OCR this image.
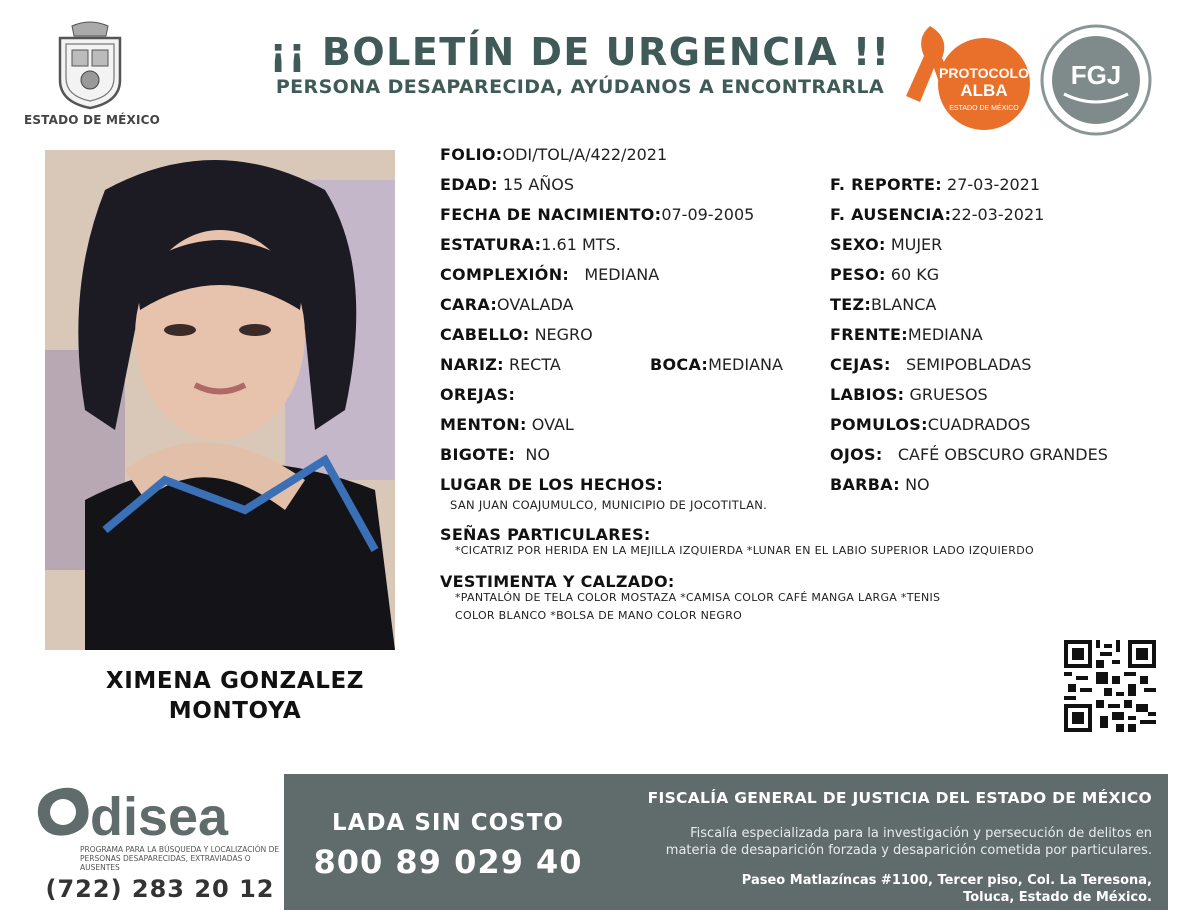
ESTADO DE MÉXICO
¡¡ BOLETÍN DE URGENCIA !!
PERSONA DESAPARECIDA, AYÚDANOS A ENCONTRARLA
PROTOCOLO
ALBA
ESTADO DE MÉXICO
FGJ
XIMENA GONZALEZ
MONTOYA
FOLIO:ODI/TOL/A/422/2021
EDAD: 15 AÑOS	F. REPORTE: 27-03-2021
FECHA DE NACIMIENTO:07-09-2005	F. AUSENCIA:22-03-2021
ESTATURA:1.61 MTS.	SEXO: MUJER
COMPLEXIÓN: MEDIANA	PESO: 60 KG
CARA:OVALADA	TEZ:BLANCA
CABELLO: NEGRO	FRENTE:MEDIANA
NARIZ: RECTA	BOCA:MEDIANA	CEJAS: SEMIPOBLADAS
OREJAS:	LABIOS: GRUESOS
MENTON: OVAL	POMULOS:CUADRADOS
BIGOTE: NO	OJOS: CAFÉ OBSCURO GRANDES
LUGAR DE LOS HECHOS:
SAN JUAN COAJUMULCO, MUNICIPIO DE JOCOTITLAN.
BARBA: NO
SEÑAS PARTICULARES:
*CICATRIZ POR HERIDA EN LA MEJILLA IZQUIERDA *LUNAR EN EL LABIO SUPERIOR LADO IZQUIERDO
VESTIMENTA Y CALZADO:
*PANTALÓN DE TELA COLOR MOSTAZA *CAMISA COLOR CAFÉ MANGA LARGA *TENIS
COLOR BLANCO *BOLSA DE MANO COLOR NEGRO
disea
PROGRAMA PARA LA BÚSQUEDA Y LOCALIZACIÓN DE PERSONAS DESAPARECIDAS, EXTRAVIADAS O AUSENTES
(722) 283 20 12
LADA SIN COSTO
800 89 029 40
FISCALÍA GENERAL DE JUSTICIA DEL ESTADO DE MÉXICO
Fiscalía especializada para la investigación y persecución de delitos en
materia de desaparición forzada y desaparición cometida por particulares.
Paseo Matlazíncas #1100, Tercer piso, Col. La Teresona,
Toluca, Estado de México.
